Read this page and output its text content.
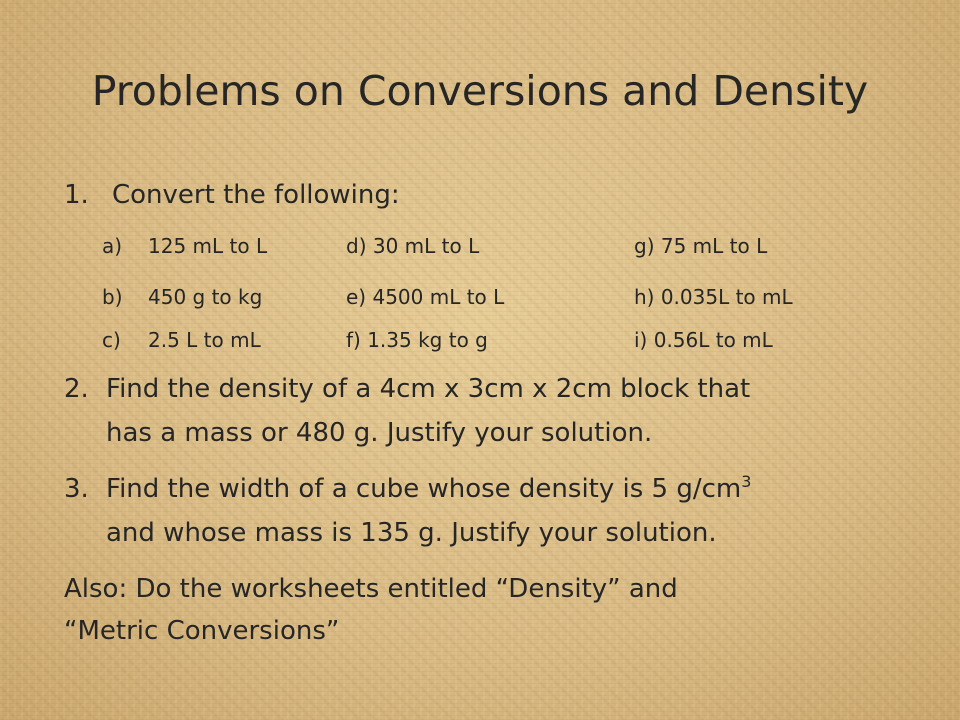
Problems on Conversions and Density
1. Convert the following:
a) 125 mL to L	d) 30 mL to L	g) 75 mL to L
b) 450 g to kg	e) 4500 mL to L	h) 0.035L to mL
c) 2.5 L to mL	f) 1.35 kg to g	i) 0.56L to mL
2. Find the density of a 4cm x 3cm x 2cm block that
has a mass or 480 g. Justify your solution.
3. Find the width of a cube whose density is 5 $g/cm^3$
and whose mass is 135 g. Justify your solution.
Also: Do the worksheets entitled “Density” and
“Metric Conversions”
